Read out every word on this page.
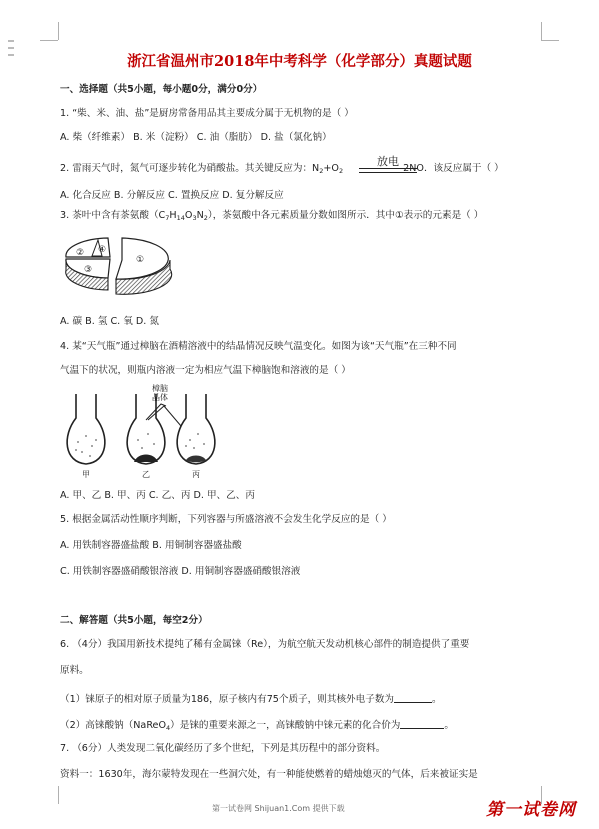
浙江省温州市2018年中考科学（化学部分）真题试题
一、选择题（共5小题，每小题0分，满分0分）
1. “柴、米、油、盐”是厨房常备用品其主要成分属于无机物的是（ ）
A. 柴（纤维素） B. 米（淀粉） C. 油（脂肪） D. 盐（氯化钠）
2. 雷雨天气时，氮气可逐步转化为硝酸盐。其关键反应为：$N_2+O_2$	2NO．该反应属于（ ）
放电
A. 化合反应 B. 分解反应 C. 置换反应 D. 复分解反应
3. 茶叶中含有茶氨酸$(C_7H_{14}O_3N_2)$，茶氨酸中各元素质量分数如图所示．其中①表示的元素是（ ）
①
②
③
④
A. 碳 B. 氢 C. 氧 D. 氮
4. 某“天气瓶”通过樟脑在酒精溶液中的结晶情况反映气温变化。如图为该“天气瓶”在三种不同
气温下的状况，则瓶内溶液一定为相应气温下樟脑饱和溶液的是（ ）
樟脑
晶体
甲	乙	丙
A. 甲、乙 B. 甲、丙 C. 乙、丙 D. 甲、乙、丙
5. 根据金属活动性顺序判断，下列容器与所盛溶液不会发生化学反应的是（ ）
A. 用铁制容器盛盐酸 B. 用铜制容器盛盐酸
C. 用铁制容器盛硝酸银溶液 D. 用铜制容器盛硝酸银溶液
二、解答题（共5小题，每空2分）
6. （4分）我国用新技术提纯了稀有金属铼（Re），为航空航天发动机核心部件的制造提供了重要
原料。
（1）铼原子的相对原子质量为186，原子核内有75个质子，则其核外电子数为	。
（2）高铼酸钠（NaReO$_4$）是铼的重要来源之一，高铼酸钠中铼元素的化合价为	。
7. （6分）人类发现二氧化碳经历了多个世纪，下列是其历程中的部分资料。
资料一：1630年，海尔蒙特发现在一些洞穴处，有一种能使燃着的蜡烛熄灭的气体，后来被证实是
第一试卷网 Shijuan1.Com 提供下载	第一试卷网
